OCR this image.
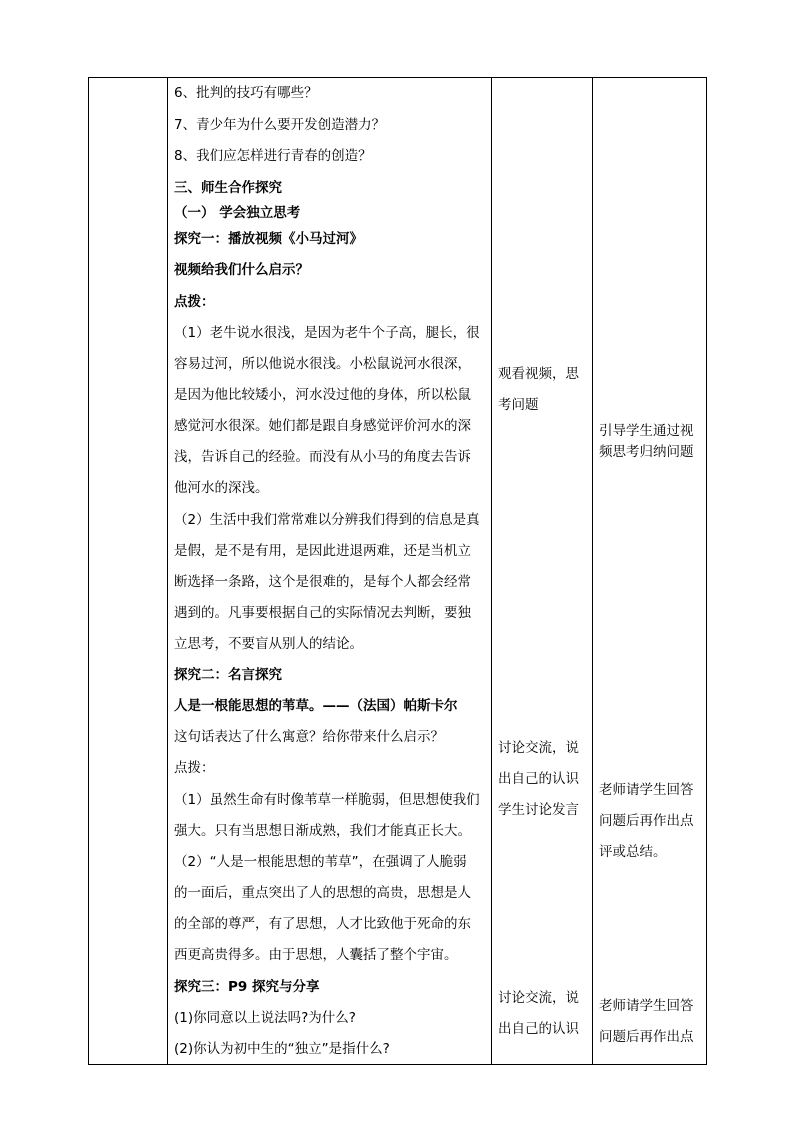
6、批判的技巧有哪些？
7、青少年为什么要开发创造潜力？
8、我们应怎样进行青春的创造？
三、师生合作探究
（一） 学会独立思考
探究一：播放视频《小马过河》
视频给我们什么启示？
点拨：
（1）老牛说水很浅，是因为老牛个子高，腿长，很
容易过河，所以他说水很浅。小松鼠说河水很深，
是因为他比较矮小，河水没过他的身体，所以松鼠
感觉河水很深。她们都是跟自身感觉评价河水的深
浅，告诉自己的经验。而没有从小马的角度去告诉
他河水的深浅。
（2）生活中我们常常难以分辨我们得到的信息是真
是假，是不是有用，是因此进退两难，还是当机立
断选择一条路，这个是很难的，是每个人都会经常
遇到的。凡事要根据自己的实际情况去判断，要独
立思考，不要盲从别人的结论。
探究二：名言探究
人是一根能思想的苇草。——（法国）帕斯卡尔
这句话表达了什么寓意？给你带来什么启示？
点拨：
（1）虽然生命有时像苇草一样脆弱，但思想使我们
强大。只有当思想日渐成熟，我们才能真正长大。
（2）“人是一根能思想的苇草”，在强调了人脆弱
的一面后，重点突出了人的思想的高贵，思想是人
的全部的尊严，有了思想，人才比致他于死命的东
西更高贵得多。由于思想，人囊括了整个宇宙。
探究三：P9 探究与分享
(1)你同意以上说法吗?为什么?
(2)你认为初中生的“独立”是指什么?
观看视频，思
考问题
讨论交流，说
出自己的认识
学生讨论发言
讨论交流，说
出自己的认识
引导学生通过视
频思考归纳问题
老师请学生回答
问题后再作出点
评或总结。
老师请学生回答
问题后再作出点
